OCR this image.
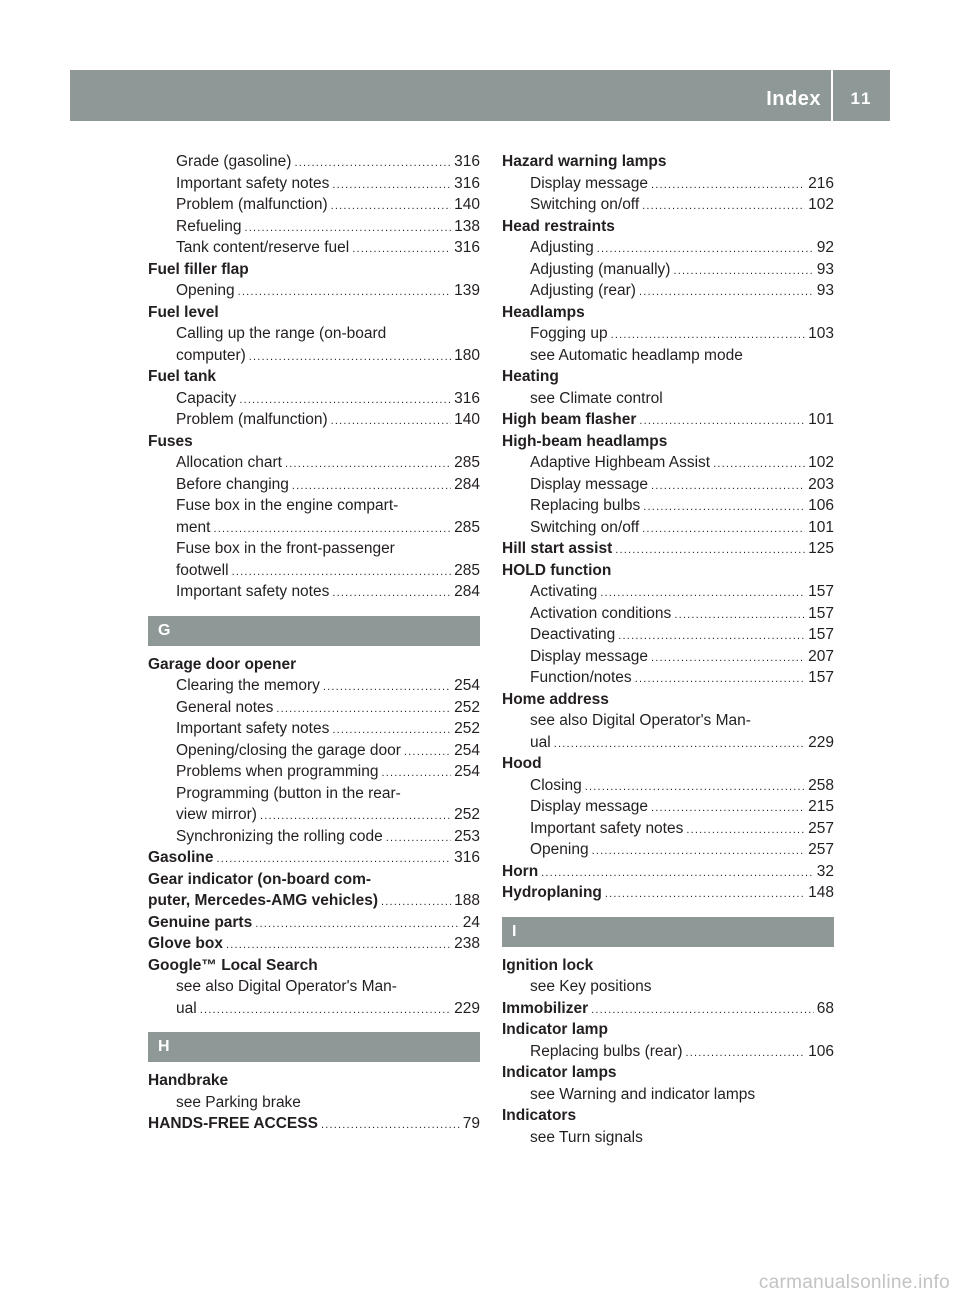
Index	11
Grade (gasoline) .....	316
Important safety notes .....	316
Problem (malfunction) .....	140
Refueling .....	138
Tank content/reserve fuel .....	316
Fuel filler flap
Opening .....	139
Fuel level
Calling up the range (on-board
computer) .....	180
Fuel tank
Capacity .....	316
Problem (malfunction) .....	140
Fuses
Allocation chart .....	285
Before changing .....	284
Fuse box in the engine compart-
ment .....	285
Fuse box in the front-passenger
footwell .....	285
Important safety notes .....	284
G
Garage door opener
Clearing the memory .....	254
General notes .....	252
Important safety notes .....	252
Opening/closing the garage door .....	254
Problems when programming .....	254
Programming (button in the rear-
view mirror) .....	252
Synchronizing the rolling code .....	253
Gasoline .....	316
Gear indicator (on-board com-
puter, Mercedes-AMG vehicles) .....	188
Genuine parts .....	24
Glove box .....	238
Google™ Local Search
see also Digital Operator's Man-
ual .....	229
H
Handbrake
see Parking brake
HANDS-FREE ACCESS .....	79
Hazard warning lamps
Display message .....	216
Switching on/off .....	102
Head restraints
Adjusting .....	92
Adjusting (manually) .....	93
Adjusting (rear) .....	93
Headlamps
Fogging up .....	103
see Automatic headlamp mode
Heating
see Climate control
High beam flasher .....	101
High-beam headlamps
Adaptive Highbeam Assist .....	102
Display message .....	203
Replacing bulbs .....	106
Switching on/off .....	101
Hill start assist .....	125
HOLD function
Activating .....	157
Activation conditions .....	157
Deactivating .....	157
Display message .....	207
Function/notes .....	157
Home address
see also Digital Operator's Man-
ual .....	229
Hood
Closing .....	258
Display message .....	215
Important safety notes .....	257
Opening .....	257
Horn .....	32
Hydroplaning .....	148
I
Ignition lock
see Key positions
Immobilizer .....	68
Indicator lamp
Replacing bulbs (rear) .....	106
Indicator lamps
see Warning and indicator lamps
Indicators
see Turn signals
carmanualsonline.info
